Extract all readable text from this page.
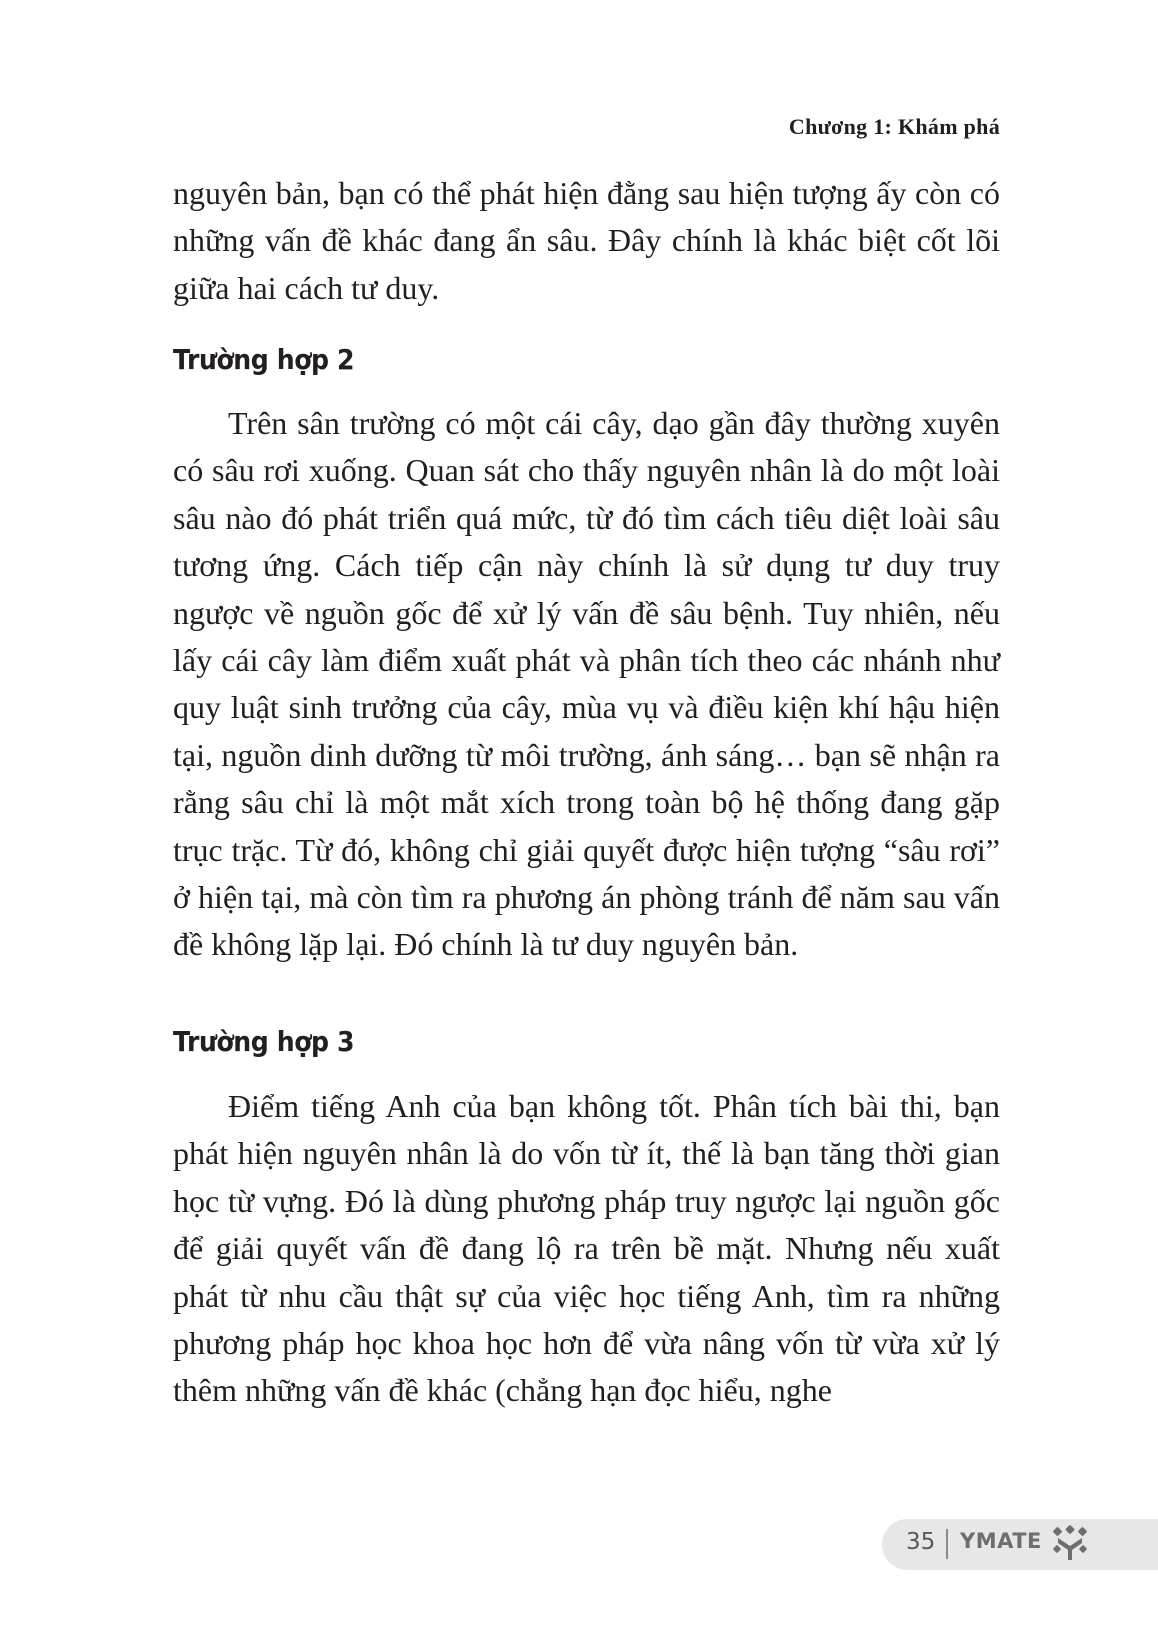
Chương 1: Khám phá

nguyên bản, bạn có thể phát hiện đằng sau hiện tượng ấy còn có những vấn đề khác đang ẩn sâu. Đây chính là khác biệt cốt lõi giữa hai cách tư duy.

Trường hợp 2

Trên sân trường có một cái cây, dạo gần đây thường xuyên có sâu rơi xuống. Quan sát cho thấy nguyên nhân là do một loài sâu nào đó phát triển quá mức, từ đó tìm cách tiêu diệt loài sâu tương ứng. Cách tiếp cận này chính là sử dụng tư duy truy ngược về nguồn gốc để xử lý vấn đề sâu bệnh. Tuy nhiên, nếu lấy cái cây làm điểm xuất phát và phân tích theo các nhánh như quy luật sinh trưởng của cây, mùa vụ và điều kiện khí hậu hiện tại, nguồn dinh dưỡng từ môi trường, ánh sáng… bạn sẽ nhận ra rằng sâu chỉ là một mắt xích trong toàn bộ hệ thống đang gặp trục trặc. Từ đó, không chỉ giải quyết được hiện tượng “sâu rơi” ở hiện tại, mà còn tìm ra phương án phòng tránh để năm sau vấn đề không lặp lại. Đó chính là tư duy nguyên bản.

Trường hợp 3

Điểm tiếng Anh của bạn không tốt. Phân tích bài thi, bạn phát hiện nguyên nhân là do vốn từ ít, thế là bạn tăng thời gian học từ vựng. Đó là dùng phương pháp truy ngược lại nguồn gốc để giải quyết vấn đề đang lộ ra trên bề mặt. Nhưng nếu xuất phát từ nhu cầu thật sự của việc học tiếng Anh, tìm ra những phương pháp học khoa học hơn để vừa nâng vốn từ vừa xử lý thêm những vấn đề khác (chẳng hạn đọc hiểu, nghe

35 YMATE
